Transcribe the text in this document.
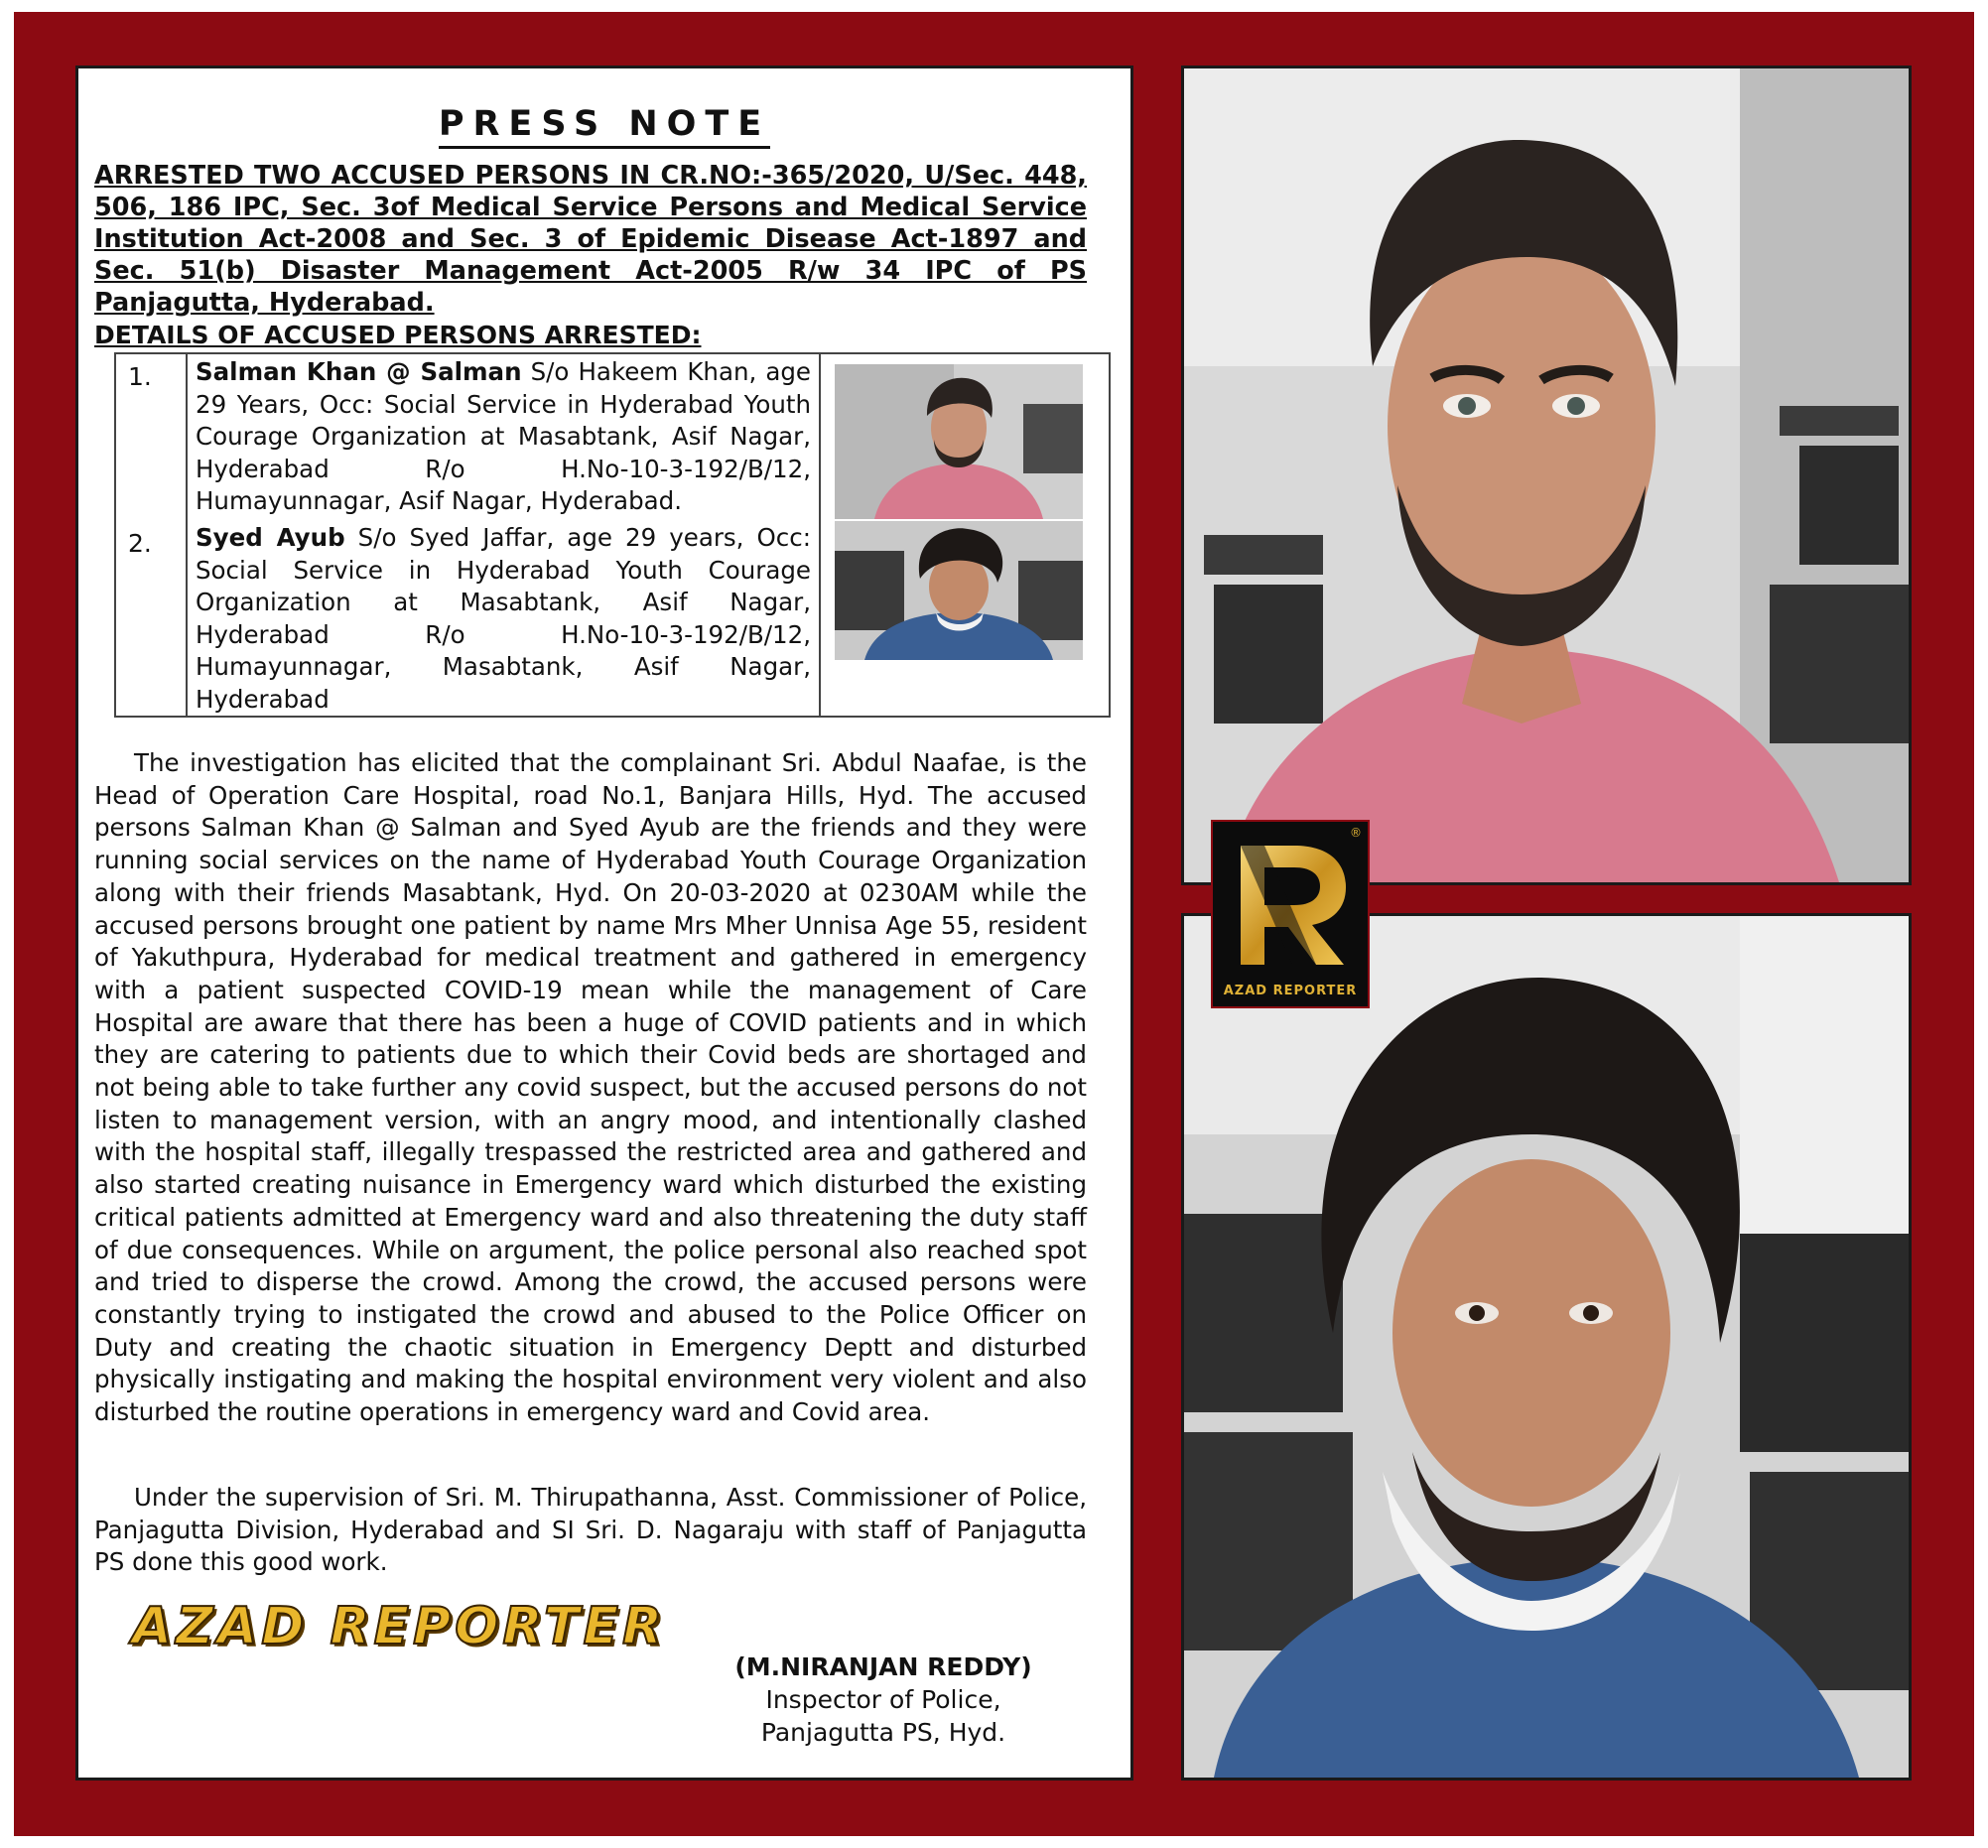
PRESS NOTE
ARRESTED TWO ACCUSED PERSONS IN CR.NO:-365/2020, U/Sec. 448, 506, 186 IPC, Sec. 3of Medical Service Persons and Medical Service Institution Act-2008 and Sec. 3 of Epidemic Disease Act-1897 and Sec. 51(b) Disaster Management Act-2005 R/w 34 IPC of PS Panjagutta, Hyderabad.
DETAILS OF ACCUSED PERSONS ARRESTED:
1. Salman Khan @ Salman S/o Hakeem Khan, age 29 Years, Occ: Social Service in Hyderabad Youth Courage Organization at Masabtank, Asif Nagar, Hyderabad R/o H.No-10-3-192/B/12, Humayunnagar, Asif Nagar, Hyderabad.
2. Syed Ayub S/o Syed Jaffar, age 29 years, Occ: Social Service in Hyderabad Youth Courage Organization at Masabtank, Asif Nagar, Hyderabad R/o H.No-10-3-192/B/12, Humayunnagar, Masabtank, Asif Nagar, Hyderabad
The investigation has elicited that the complainant Sri. Abdul Naafae, is the Head of Operation Care Hospital, road No.1, Banjara Hills, Hyd. The accused persons Salman Khan @ Salman and Syed Ayub are the friends and they were running social services on the name of Hyderabad Youth Courage Organization along with their friends Masabtank, Hyd. On 20-03-2020 at 0230AM while the accused persons brought one patient by name Mrs Mher Unnisa Age 55, resident of Yakuthpura, Hyderabad for medical treatment and gathered in emergency with a patient suspected COVID-19 mean while the management of Care Hospital are aware that there has been a huge of COVID patients and in which they are catering to patients due to which their Covid beds are shortaged and not being able to take further any covid suspect, but the accused persons do not listen to management version, with an angry mood, and intentionally clashed with the hospital staff, illegally trespassed the restricted area and gathered and also started creating nuisance in Emergency ward which disturbed the existing critical patients admitted at Emergency ward and also threatening the duty staff of due consequences. While on argument, the police personal also reached spot and tried to disperse the crowd. Among the crowd, the accused persons were constantly trying to instigated the crowd and abused to the Police Officer on Duty and creating the chaotic situation in Emergency Deptt and disturbed physically instigating and making the hospital environment very violent and also disturbed the routine operations in emergency ward and Covid area.
Under the supervision of Sri. M. Thirupathanna, Asst. Commissioner of Police, Panjagutta Division, Hyderabad and SI Sri. D. Nagaraju with staff of Panjagutta PS done this good work.
AZAD REPORTER
(M.NIRANJAN REDDY)
Inspector of Police,
Panjagutta PS, Hyd.
®
AZAD REPORTER
